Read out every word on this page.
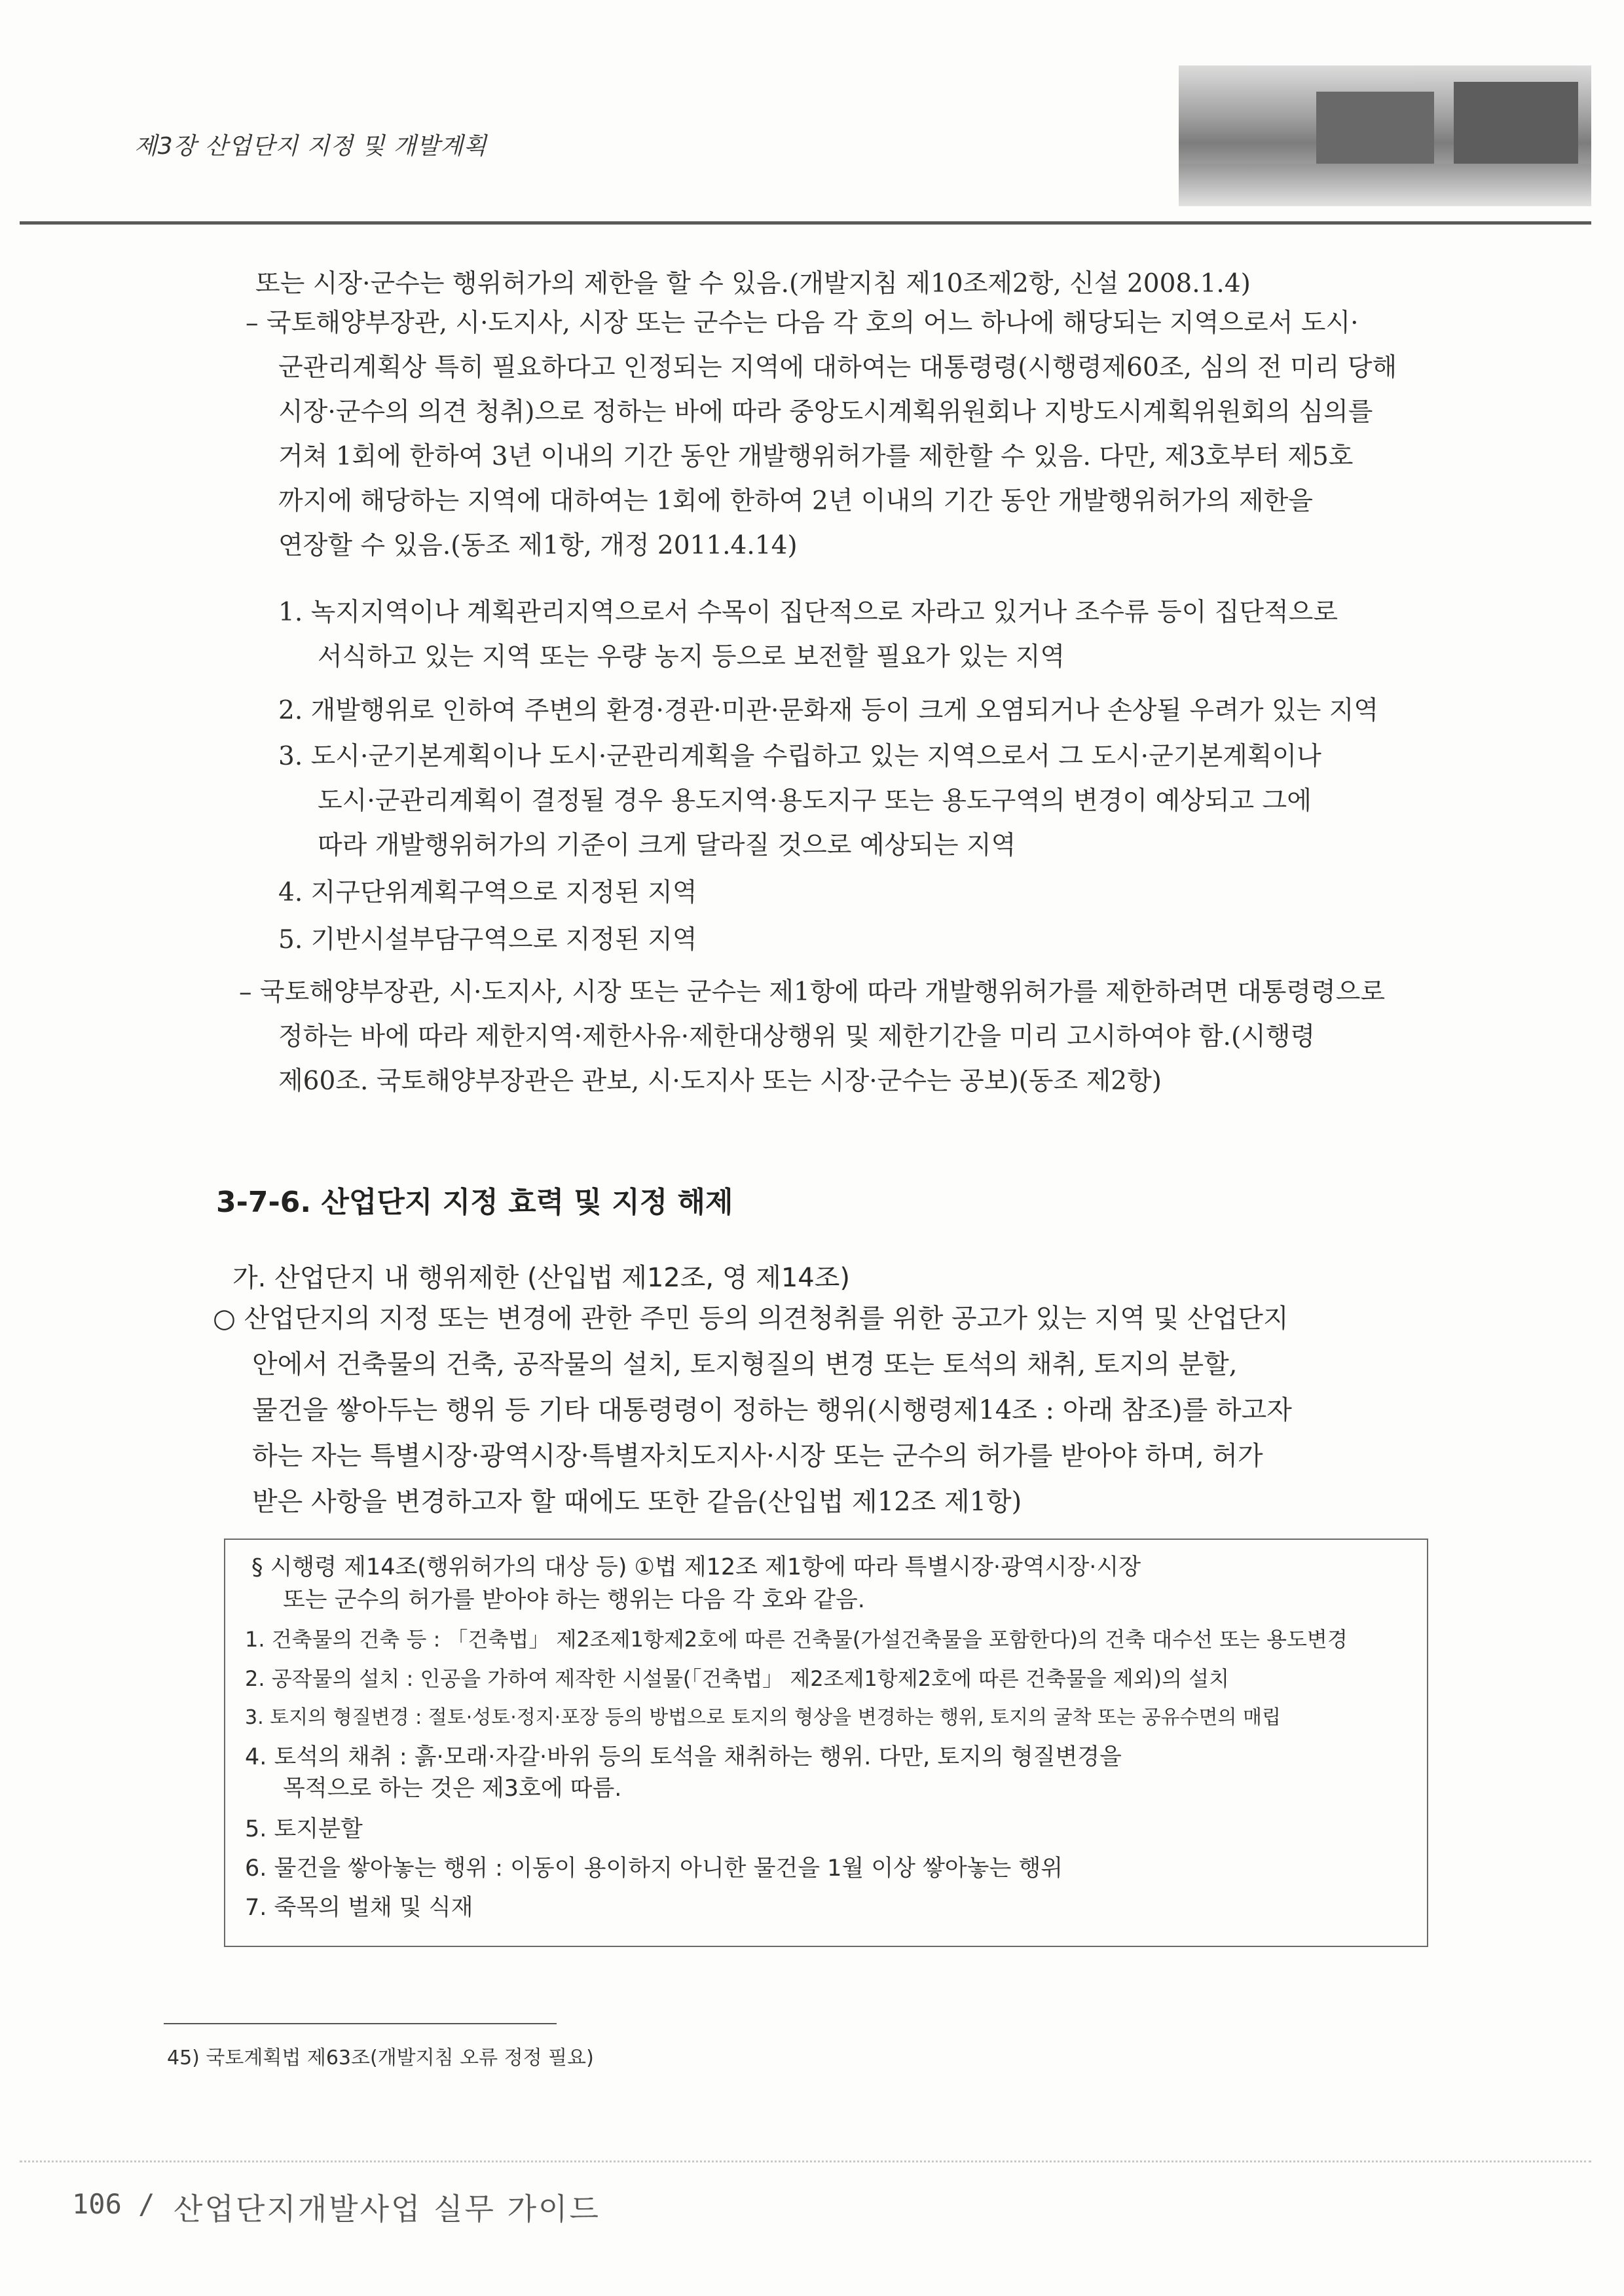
제3장 산업단지 지정 및 개발계획
또는 시장·군수는 행위허가의 제한을 할 수 있음.(개발지침 제10조제2항, 신설 2008.1.4)
– 국토해양부장관, 시·도지사, 시장 또는 군수는 다음 각 호의 어느 하나에 해당되는 지역으로서 도시·
군관리계획상 특히 필요하다고 인정되는 지역에 대하여는 대통령령(시행령제60조, 심의 전 미리 당해
시장·군수의 의견 청취)으로 정하는 바에 따라 중앙도시계획위원회나 지방도시계획위원회의 심의를
거쳐 1회에 한하여 3년 이내의 기간 동안 개발행위허가를 제한할 수 있음. 다만, 제3호부터 제5호
까지에 해당하는 지역에 대하여는 1회에 한하여 2년 이내의 기간 동안 개발행위허가의 제한을
연장할 수 있음.(동조 제1항, 개정 2011.4.14)
1. 녹지지역이나 계획관리지역으로서 수목이 집단적으로 자라고 있거나 조수류 등이 집단적으로
서식하고 있는 지역 또는 우량 농지 등으로 보전할 필요가 있는 지역
2. 개발행위로 인하여 주변의 환경·경관·미관·문화재 등이 크게 오염되거나 손상될 우려가 있는 지역
3. 도시·군기본계획이나 도시·군관리계획을 수립하고 있는 지역으로서 그 도시·군기본계획이나
도시·군관리계획이 결정될 경우 용도지역·용도지구 또는 용도구역의 변경이 예상되고 그에
따라 개발행위허가의 기준이 크게 달라질 것으로 예상되는 지역
4. 지구단위계획구역으로 지정된 지역
5. 기반시설부담구역으로 지정된 지역
– 국토해양부장관, 시·도지사, 시장 또는 군수는 제1항에 따라 개발행위허가를 제한하려면 대통령령으로
정하는 바에 따라 제한지역·제한사유·제한대상행위 및 제한기간을 미리 고시하여야 함.(시행령
제60조. 국토해양부장관은 관보, 시·도지사 또는 시장·군수는 공보)(동조 제2항)
3-7-6. 산업단지 지정 효력 및 지정 해제
가. 산업단지 내 행위제한 (산입법 제12조, 영 제14조)
○ 산업단지의 지정 또는 변경에 관한 주민 등의 의견청취를 위한 공고가 있는 지역 및 산업단지
안에서 건축물의 건축, 공작물의 설치, 토지형질의 변경 또는 토석의 채취, 토지의 분할,
물건을 쌓아두는 행위 등 기타 대통령령이 정하는 행위(시행령제14조 : 아래 참조)를 하고자
하는 자는 특별시장·광역시장·특별자치도지사·시장 또는 군수의 허가를 받아야 하며, 허가
받은 사항을 변경하고자 할 때에도 또한 같음(산입법 제12조 제1항)
§ 시행령 제14조(행위허가의 대상 등) ①법 제12조 제1항에 따라 특별시장·광역시장·시장
또는 군수의 허가를 받아야 하는 행위는 다음 각 호와 같음.
1. 건축물의 건축 등 : 「건축법」 제2조제1항제2호에 따른 건축물(가설건축물을 포함한다)의 건축 대수선 또는 용도변경
2. 공작물의 설치 : 인공을 가하여 제작한 시설물(「건축법」 제2조제1항제2호에 따른 건축물을 제외)의 설치
3. 토지의 형질변경 : 절토·성토·정지·포장 등의 방법으로 토지의 형상을 변경하는 행위, 토지의 굴착 또는 공유수면의 매립
4. 토석의 채취 : 흙·모래·자갈·바위 등의 토석을 채취하는 행위. 다만, 토지의 형질변경을
목적으로 하는 것은 제3호에 따름.
5. 토지분할
6. 물건을 쌓아놓는 행위 : 이동이 용이하지 아니한 물건을 1월 이상 쌓아놓는 행위
7. 죽목의 벌채 및 식재
45) 국토계획법 제63조(개발지침 오류 정정 필요)
106 / 산업단지개발사업 실무 가이드
